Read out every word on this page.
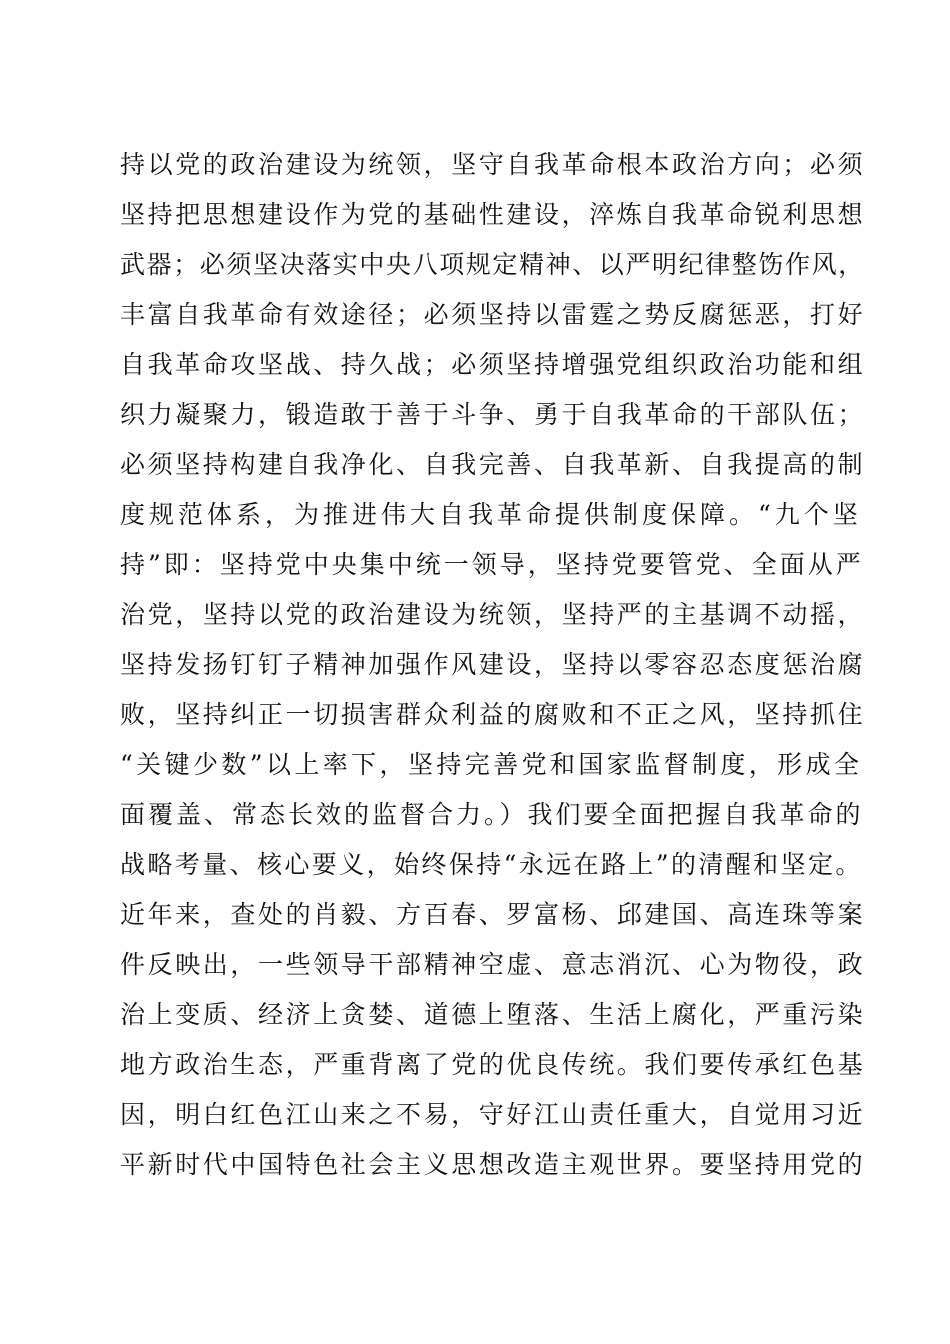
持以党的政治建设为统领，坚守自我革命根本政治方向；必须
坚持把思想建设作为党的基础性建设，淬炼自我革命锐利思想
武器；必须坚决落实中央八项规定精神、以严明纪律整饬作风，
丰富自我革命有效途径；必须坚持以雷霆之势反腐惩恶，打好
自我革命攻坚战、持久战；必须坚持增强党组织政治功能和组
织力凝聚力，锻造敢于善于斗争、勇于自我革命的干部队伍；
必须坚持构建自我净化、自我完善、自我革新、自我提高的制
度规范体系，为推进伟大自我革命提供制度保障。“九个坚
持”即：坚持党中央集中统一领导，坚持党要管党、全面从严
治党，坚持以党的政治建设为统领，坚持严的主基调不动摇，
坚持发扬钉钉子精神加强作风建设，坚持以零容忍态度惩治腐
败，坚持纠正一切损害群众利益的腐败和不正之风，坚持抓住
“关键少数”以上率下，坚持完善党和国家监督制度，形成全
面覆盖、常态长效的监督合力。）我们要全面把握自我革命的
战略考量、核心要义，始终保持“永远在路上”的清醒和坚定。
近年来，查处的肖毅、方百春、罗富杨、邱建国、高连珠等案
件反映出，一些领导干部精神空虚、意志消沉、心为物役，政
治上变质、经济上贪婪、道德上堕落、生活上腐化，严重污染
地方政治生态，严重背离了党的优良传统。我们要传承红色基
因，明白红色江山来之不易，守好江山责任重大，自觉用习近
平新时代中国特色社会主义思想改造主观世界。要坚持用党的
